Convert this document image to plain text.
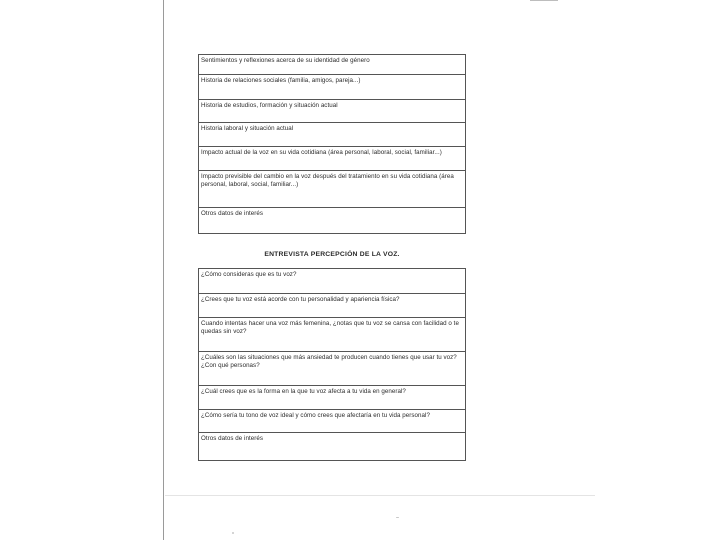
Sentimientos y reflexiones acerca de su identidad de género
Historia de relaciones sociales (familia, amigos, pareja...)
Historia de estudios, formación y situación actual
Historia laboral y situación actual
Impacto actual de la voz en su vida cotidiana (área personal, laboral, social, familiar...)
Impacto previsible del cambio en la voz después del tratamiento en su vida cotidiana (área personal, laboral, social, familiar...)
Otros datos de interés
ENTREVISTA PERCEPCIÓN DE LA VOZ.
¿Cómo consideras que es tu voz?
¿Crees que tu voz está acorde con tu personalidad y apariencia física?
Cuando intentas hacer una voz más femenina, ¿notas que tu voz se cansa con facilidad o te quedas sin voz?
¿Cuáles son las situaciones que más ansiedad te producen cuando tienes que usar tu voz? ¿Con qué personas?
¿Cuál crees que es la forma en la que tu voz afecta a tu vida en general?
¿Cómo sería tu tono de voz ideal y cómo crees que afectaría en tu vida personal?
Otros datos de interés
